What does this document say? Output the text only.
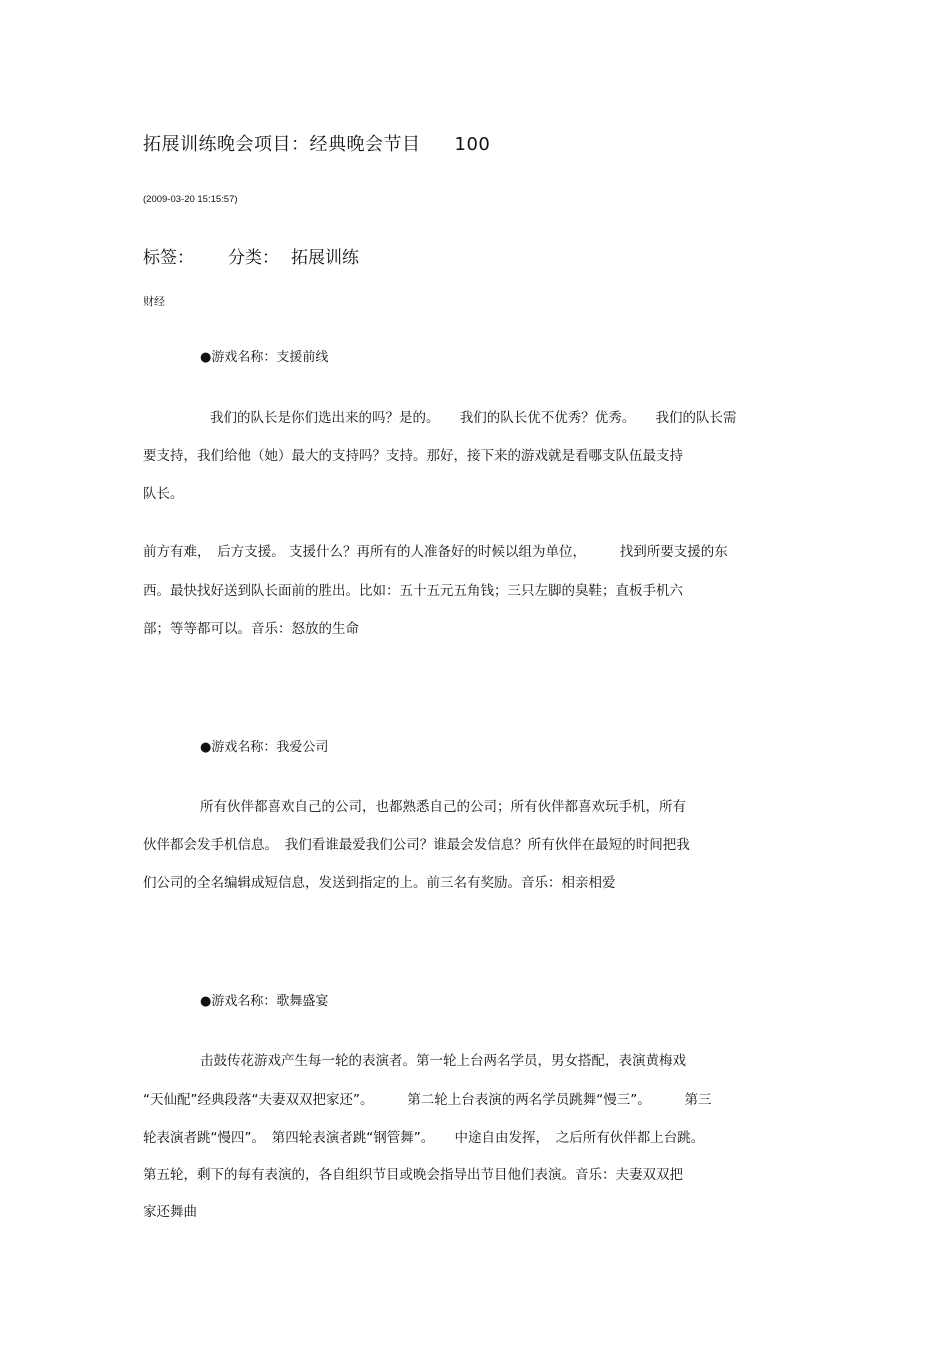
拓展训练晚会项目：经典晚会节目 100
(2009-03-20 15:15:57)
标签： 分类： 拓展训练
财经
●游戏名称：支援前线
我们的队长是你们选出来的吗？是的。　　我们的队长优不优秀？优秀。　　我们的队长需
要支持，我们给他（她）最大的支持吗？支持。那好，接下来的游戏就是看哪支队伍最支持
队长。
前方有难，　后方支援。 支援什么？再所有的人准备好的时候以组为单位，　　　找到所要支援的东
西。最快找好送到队长面前的胜出。比如：五十五元五角钱；三只左脚的臭鞋；直板手机六
部；等等都可以。音乐：怒放的生命
●游戏名称：我爱公司
所有伙伴都喜欢自己的公司，也都熟悉自己的公司；所有伙伴都喜欢玩手机，所有
伙伴都会发手机信息。　我们看谁最爱我们公司？谁最会发信息？所有伙伴在最短的时间把我
们公司的全名编辑成短信息，发送到指定的上。前三名有奖励。音乐：相亲相爱
●游戏名称：歌舞盛宴
击鼓传花游戏产生每一轮的表演者。第一轮上台两名学员，男女搭配，表演黄梅戏
“天仙配”经典段落“夫妻双双把家还”。　　　第二轮上台表演的两名学员跳舞“慢三”。　　　第三
轮表演者跳“慢四”。　第四轮表演者跳“钢管舞”。　　中途自由发挥，　之后所有伙伴都上台跳。
第五轮，剩下的每有表演的，各自组织节目或晚会指导出节目他们表演。音乐：夫妻双双把
家还舞曲
